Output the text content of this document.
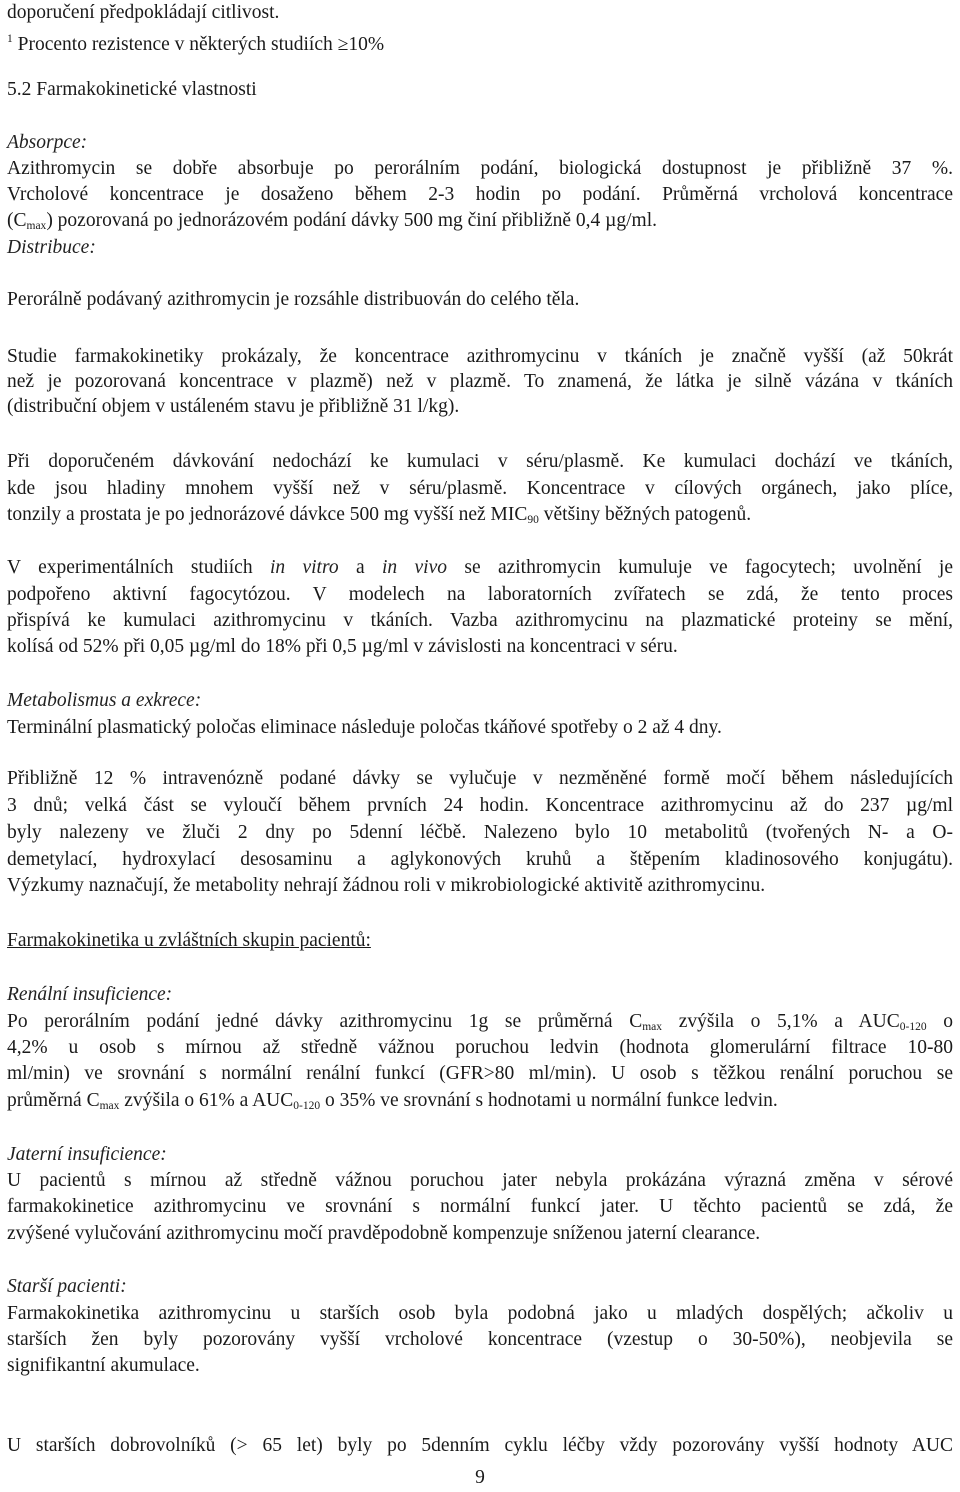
doporučení předpokládají citlivost.
$^1$ Procento rezistence v některých studiích ≥10%
5.2 Farmakokinetické vlastnosti
Absorpce:
Azithromycin se dobře absorbuje po perorálním podání, biologická dostupnost je přibližně 37 %.
Vrcholové koncentrace je dosaženo během 2-3 hodin po podání. Průměrná vrcholová koncentrace
$(C_{max})$ pozorovaná po jednorázovém podání dávky 500 mg činí přibližně 0,4 µg/ml.
Distribuce:
Perorálně podávaný azithromycin je rozsáhle distribuován do celého těla.
Studie farmakokinetiky prokázaly, že koncentrace azithromycinu v tkáních je značně vyšší (až 50krát
než je pozorovaná koncentrace v plazmě) než v plazmě. To znamená, že látka je silně vázána v tkáních
(distribuční objem v ustáleném stavu je přibližně 31 l/kg).
Při doporučeném dávkování nedochází ke kumulaci v séru/plasmě. Ke kumulaci dochází ve tkáních,
kde jsou hladiny mnohem vyšší než v séru/plasmě. Koncentrace v cílových orgánech, jako plíce,
tonzily a prostata je po jednorázové dávkce 500 mg vyšší než $MIC_{90}$ většiny běžných patogenů.
V experimentálních studiích in vitro a in vivo se azithromycin kumuluje ve fagocytech; uvolnění je
podpořeno aktivní fagocytózou. V modelech na laboratorních zvířatech se zdá, že tento proces
přispívá ke kumulaci azithromycinu v tkáních. Vazba azithromycinu na plazmatické proteiny se mění,
kolísá od 52% při 0,05 µg/ml do 18% při 0,5 µg/ml v závislosti na koncentraci v séru.
Metabolismus a exkrece:
Terminální plasmatický poločas eliminace následuje poločas tkáňové spotřeby o 2 až 4 dny.
Přibližně 12 % intravenózně podané dávky se vylučuje v nezměněné formě močí během následujících
3 dnů; velká část se vyloučí během prvních 24 hodin. Koncentrace azithromycinu až do 237 µg/ml
byly nalezeny ve žluči 2 dny po 5denní léčbě. Nalezeno bylo 10 metabolitů (tvořených N- a O-
demetylací, hydroxylací desosaminu a aglykonových kruhů a štěpením kladinosového konjugátu).
Výzkumy naznačují, že metabolity nehrají žádnou roli v mikrobiologické aktivitě azithromycinu.
Farmakokinetika u zvláštních skupin pacientů:
Renální insuficience:
Po perorálním podání jedné dávky azithromycinu 1g se průměrná $C_{max}$ zvýšila o 5,1% a $AUC_{0-120}$ o
4,2% u osob s mírnou až středně vážnou poruchou ledvin (hodnota glomerulární filtrace 10-80
ml/min) ve srovnání s normální renální funkcí (GFR>80 ml/min). U osob s těžkou renální poruchou se
průměrná $C_{max}$ zvýšila o 61% a $AUC_{0-120}$ o 35% ve srovnání s hodnotami u normální funkce ledvin.
Jaterní insuficience:
U pacientů s mírnou až středně vážnou poruchou jater nebyla prokázána výrazná změna v sérové
farmakokinetice azithromycinu ve srovnání s normální funkcí jater. U těchto pacientů se zdá, že
zvýšené vylučování azithromycinu močí pravděpodobně kompenzuje sníženou jaterní clearance.
Starší pacienti:
Farmakokinetika azithromycinu u starších osob byla podobná jako u mladých dospělých; ačkoliv u
starších žen byly pozorovány vyšší vrcholové koncentrace (vzestup o 30-50%), neobjevila se
signifikantní akumulace.
U starších dobrovolníků (> 65 let) byly po 5denním cyklu léčby vždy pozorovány vyšší hodnoty AUC
9
